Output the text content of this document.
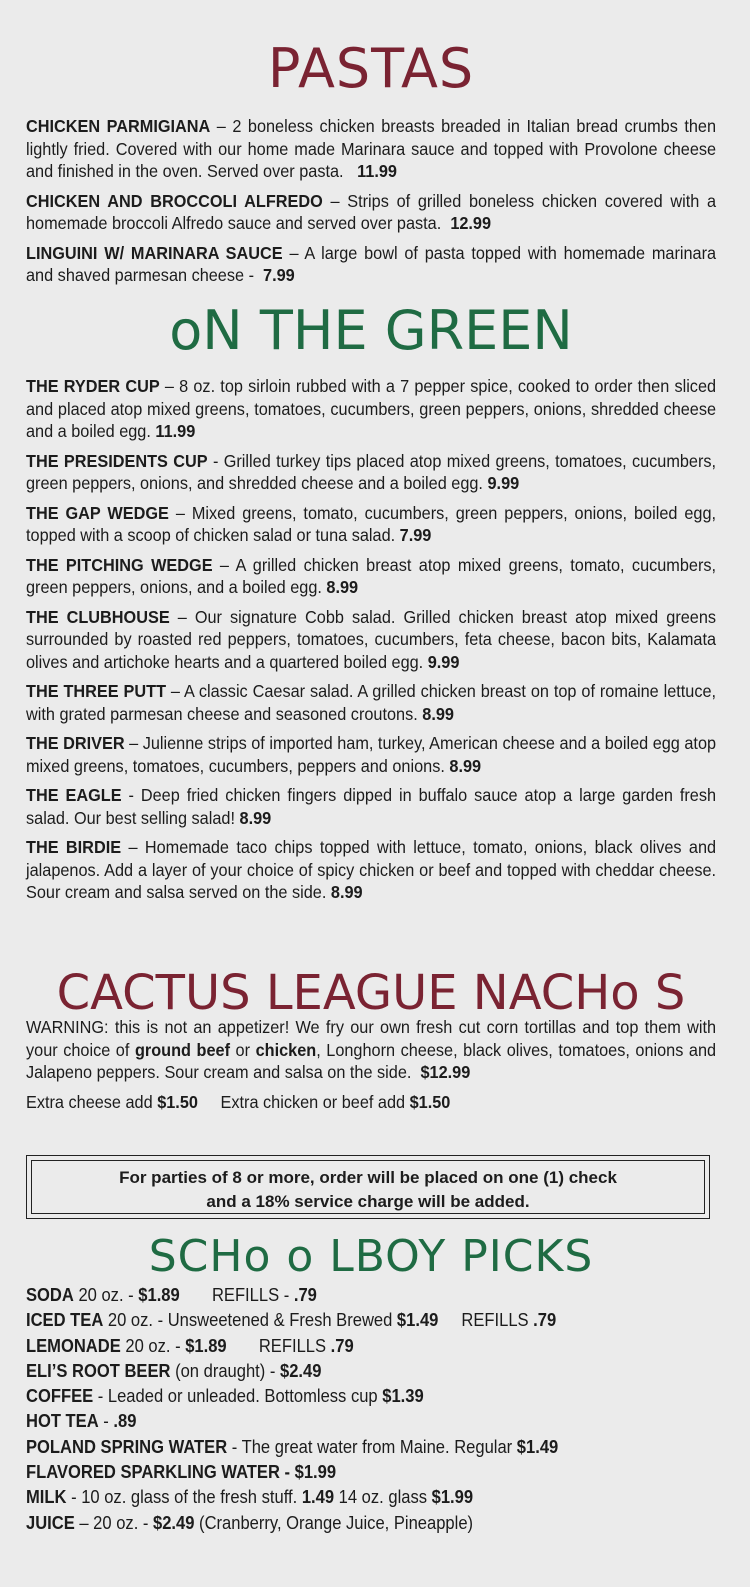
PASTAS

CHICKEN PARMIGIANA – 2 boneless chicken breasts breaded in Italian bread crumbs then lightly fried. Covered with our home made Marinara sauce and topped with Provolone cheese and finished in the oven. Served over pasta. 11.99

CHICKEN AND BROCCOLI ALFREDO – Strips of grilled boneless chicken covered with a homemade broccoli Alfredo sauce and served over pasta. 12.99

LINGUINI W/ MARINARA SAUCE – A large bowl of pasta topped with homemade marinara and shaved parmesan cheese - 7.99

oN THE GREEN

THE RYDER CUP – 8 oz. top sirloin rubbed with a 7 pepper spice, cooked to order then sliced and placed atop mixed greens, tomatoes, cucumbers, green peppers, onions, shredded cheese and a boiled egg. 11.99

THE PRESIDENTS CUP - Grilled turkey tips placed atop mixed greens, tomatoes, cucumbers, green peppers, onions, and shredded cheese and a boiled egg. 9.99

THE GAP WEDGE – Mixed greens, tomato, cucumbers, green peppers, onions, boiled egg, topped with a scoop of chicken salad or tuna salad. 7.99

THE PITCHING WEDGE – A grilled chicken breast atop mixed greens, tomato, cucumbers, green peppers, onions, and a boiled egg. 8.99

THE CLUBHOUSE – Our signature Cobb salad. Grilled chicken breast atop mixed greens surrounded by roasted red peppers, tomatoes, cucumbers, feta cheese, bacon bits, Kalamata olives and artichoke hearts and a quartered boiled egg. 9.99

THE THREE PUTT – A classic Caesar salad. A grilled chicken breast on top of romaine lettuce, with grated parmesan cheese and seasoned croutons. 8.99

THE DRIVER – Julienne strips of imported ham, turkey, American cheese and a boiled egg atop mixed greens, tomatoes, cucumbers, peppers and onions. 8.99

THE EAGLE - Deep fried chicken fingers dipped in buffalo sauce atop a large garden fresh salad. Our best selling salad! 8.99

THE BIRDIE – Homemade taco chips topped with lettuce, tomato, onions, black olives and jalapenos. Add a layer of your choice of spicy chicken or beef and topped with cheddar cheese. Sour cream and salsa served on the side. 8.99

CACTUS LEAGUE NACHo S

WARNING: this is not an appetizer! We fry our own fresh cut corn tortillas and top them with your choice of ground beef or chicken, Longhorn cheese, black olives, tomatoes, onions and Jalapeno peppers. Sour cream and salsa on the side. $12.99

Extra cheese add $1.50 Extra chicken or beef add $1.50

For parties of 8 or more, order will be placed on one (1) check
and a 18% service charge will be added.
SCHo o LBOY PICKS
SODA 20 oz. - $1.89 REFILLS - .79
ICED TEA 20 oz. - Unsweetened & Fresh Brewed $1.49 REFILLS .79
LEMONADE 20 oz. - $1.89 REFILLS .79
ELI’S ROOT BEER (on draught) - $2.49
COFFEE - Leaded or unleaded. Bottomless cup $1.39
HOT TEA - .89
POLAND SPRING WATER - The great water from Maine. Regular $1.49
FLAVORED SPARKLING WATER - $1.99
MILK - 10 oz. glass of the fresh stuff. 1.49 14 oz. glass $1.99
JUICE – 20 oz. - $2.49 (Cranberry, Orange Juice, Pineapple)
